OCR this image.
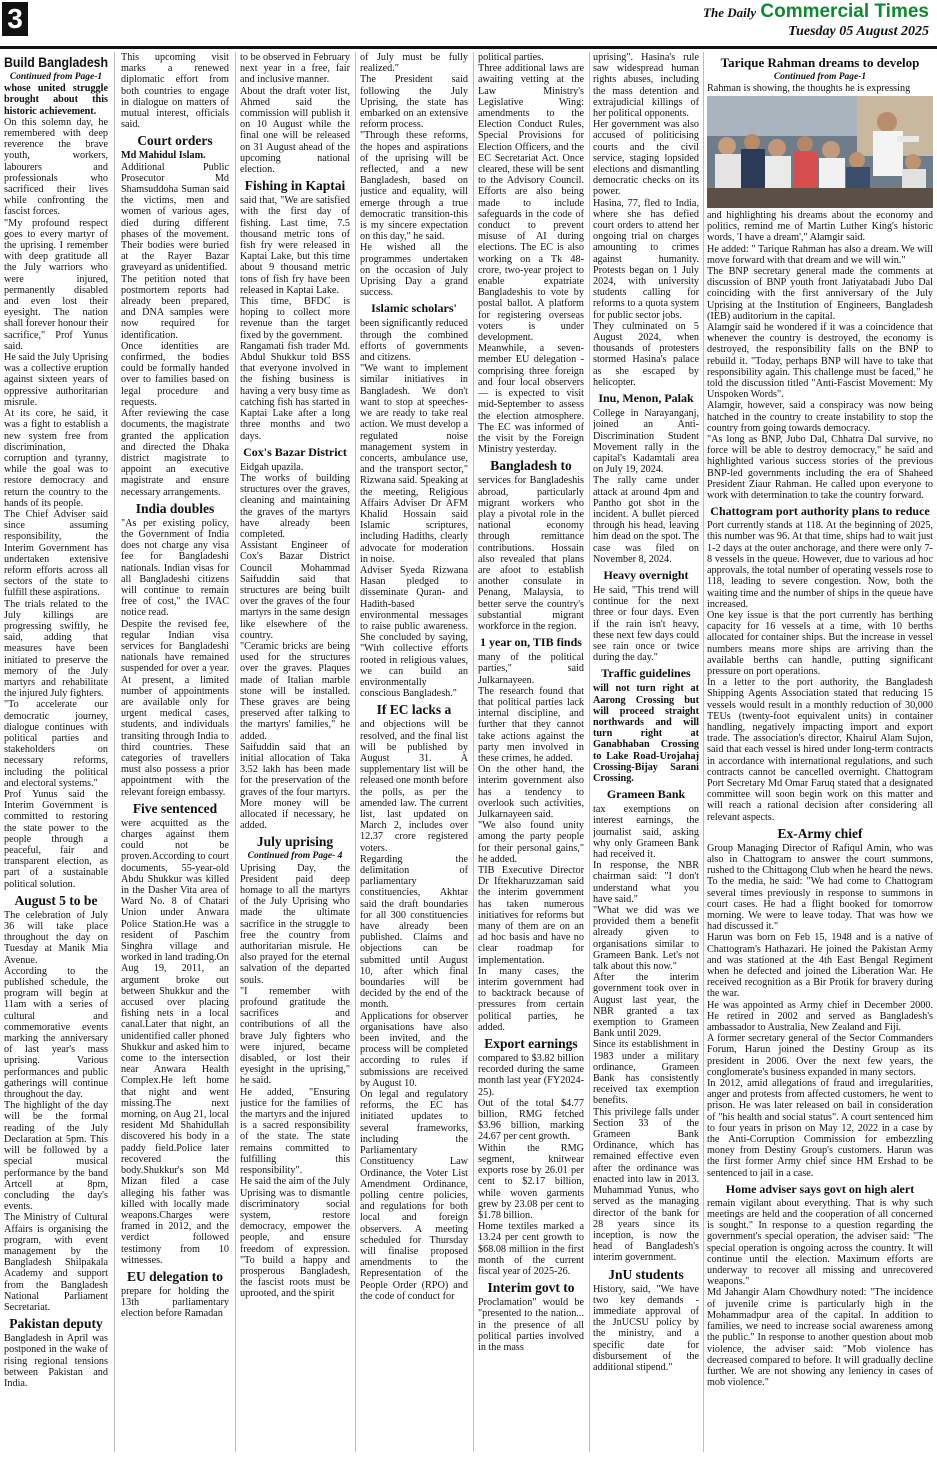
3	The Daily Commercial Times
Tuesday 05 August 2025
Build Bangladesh

Continued from Page-1

whose united struggle brought about this historic achievement.

On this solemn day, he remembered with deep reverence the brave youth, workers, labourers and professionals who sacrificed their lives while confronting the fascist forces.

"My profound respect goes to every martyr of the uprising. I remember with deep gratitude all the July warriors who were injured, permanently disabled and even lost their eyesight. The nation shall forever honour their sacrifice," Prof Yunus said.

He said the July Uprising was a collective eruption against sixteen years of oppressive authoritarian misrule.

At its core, he said, it was a fight to establish a new system free from discrimination, corruption and tyranny, while the goal was to restore democracy and return the country to the hands of its people.

The Chief Adviser said since assuming responsibility, the Interim Government has undertaken extensive reform efforts across all sectors of the state to fulfill these aspirations.

The trials related to the July killings are progressing swiftly, he said, adding that measures have been initiated to preserve the memory of the July martyrs and rehabilitate the injured July fighters.

"To accelerate our democratic journey, dialogue continues with political parties and stakeholders on necessary reforms, including the political and electoral systems."

Prof Yunus said the Interim Government is committed to restoring the state power to the people through a peaceful, fair and transparent election, as part of a sustainable political solution.

August 5 to be

The celebration of July 36 will take place throughout the day on Tuesday at Manik Mia Avenue.

According to the published schedule, the program will begin at 11am with a series of cultural and commemorative events marking the anniversary of last year's mass uprising. Various performances and public gatherings will continue throughout the day.

The highlight of the day will be the formal reading of the July Declaration at 5pm. This will be followed by a special musical performance by the band Artcell at 8pm, concluding the day's events.

The Ministry of Cultural Affairs is organising the program, with event management by the Bangladesh Shilpakala Academy and support from the Bangladesh National Parliament Secretariat.

Pakistan deputy

Bangladesh in April was postponed in the wake of rising regional tensions between Pakistan and India.

This upcoming visit marks a renewed diplomatic effort from both countries to engage in dialogue on matters of mutual interest, officials said.

Court orders

Md Mahidul Islam.

Additional Public Prosecutor Md Shamsuddoha Suman said the victims, men and women of various ages, died during different phases of the movement. Their bodies were buried at the Rayer Bazar graveyard as unidentified.

The petition noted that postmortem reports had already been prepared, and DNA samples were now required for identification.

Once identities are confirmed, the bodies could be formally handed over to families based on legal procedure and requests.

After reviewing the case documents, the magistrate granted the application and directed the Dhaka district magistrate to appoint an executive magistrate and ensure necessary arrangements.

India doubles

"As per existing policy, the Government of India does not charge any visa fee for Bangladeshi nationals. Indian visas for all Bangladeshi citizens will continue to remain free of cost," the IVAC notice read.

Despite the revised fee, regular Indian visa services for Bangladeshi nationals have remained suspended for over a year. At present, a limited number of appointments are available only for urgent medical cases, students, and individuals transiting through India to third countries. These categories of travellers must also possess a prior appointment with the relevant foreign embassy.

Five sentenced

were acquitted as the charges against them could not be proven.According to court documents, 55-year-old Abdu Shukkur was killed in the Dasher Vita area of Ward No. 8 of Chatari Union under Anwara Police Station.He was a resident of Paschim Singhra village and worked in land trading.On Aug 19, 2011, an argument broke out between Shukkur and the accused over placing fishing nets in a local canal.Later that night, an unidentified caller phoned Shukkur and asked him to come to the intersection near Anwara Health Complex.He left home that night and went missing.The next morning, on Aug 21, local resident Md Shahidullah discovered his body in a paddy field.Police later recovered the body.Shukkur's son Md Mizan filed a case alleging his father was killed with locally made weapons.Charges were framed in 2012, and the verdict followed testimony from 10 witnesses.

EU delegation to

prepare for holding the 13th parliamentary election before Ramadan

to be observed in February next year in a free, fair and inclusive manner.

About the draft voter list, Ahmed said the commission will publish it on 10 August while the final one will be released on 31 August ahead of the upcoming national election.

Fishing in Kaptai

said that, "We are satisfied with the first day of fishing. Last time, 7.5 thousand metric tons of fish fry were released in Kaptai Lake, but this time about 9 thousand metric tons of fish fry have been released in Kaptai Lake.

This time, BFDC is hoping to collect more revenue than the target fixed by the government.

Rangamati fish trader Md. Abdul Shukkur told BSS that everyone involved in the fishing business is having a very busy time as catching fish has started in Kaptai Lake after a long three months and two days.

Cox's Bazar District

Eidgah upazila.

The works of building structures over the graves, cleaning and maintaining the graves of the martyrs have already been completed.

Assistant Engineer of Cox's Bazar District Council Mohammad Saifuddin said that structures are being built over the graves of the four martyrs in the same design like elsewhere of the country.

"Ceramic bricks are being used for the structures over the graves. Plaques made of Italian marble stone will be installed. These graves are being preserved after talking to the martyrs' families," he added.

Saifuddin said that an initial allocation of Taka 3.52 lakh has been made for the preservation of the graves of the four martyrs. More money will be allocated if necessary, he added.

July uprising

Continued from Page- 4

Uprising Day, the President paid deep homage to all the martyrs of the July Uprising who made the ultimate sacrifice in the struggle to free the country from authoritarian misrule. He also prayed for the eternal salvation of the departed souls.

"I remember with profound gratitude the sacrifices and contributions of all the brave July fighters who were injured, became disabled, or lost their eyesight in the uprising," he said.

He added, "Ensuring justice for the families of the martyrs and the injured is a sacred responsibility of the state. The state remains committed to fulfilling this responsibility".

He said the aim of the July Uprising was to dismantle discriminatory social system, restore democracy, empower the people, and ensure freedom of expression. "To build a happy and prosperous Bangladesh, the fascist roots must be uprooted, and the spirit

of July must be fully realized."

The President said following the July Uprising, the state has embarked on an extensive reform process.

"Through these reforms, the hopes and aspirations of the uprising will be reflected, and a new Bangladesh, based on justice and equality, will emerge through a true democratic transition-this is my sincere expectation on this day," he said.

He wished all the programmes undertaken on the occasion of July Uprising Day a grand success.

Islamic scholars'

been significantly reduced through the combined efforts of governments and citizens.

"We want to implement similar initiatives in Bangladesh. We don't want to stop at speeches-we are ready to take real action. We must develop a regulated noise management system in concerts, ambulance use, and the transport sector," Rizwana said. Speaking at the meeting, Religious Affairs Adviser Dr AFM Khalid Hossain said Islamic scriptures, including Hadiths, clearly advocate for moderation in noise.

Adviser Syeda Rizwana Hasan pledged to disseminate Quran- and Hadith-based environmental messages to raise public awareness. She concluded by saying, "With collective efforts rooted in religious values, we can build an environmentally conscious Bangladesh."

If EC lacks a

and objections will be resolved, and the final list will be published by August 31. A supplementary list will be released one month before the polls, as per the amended law. The current list, last updated on March 2, includes over 12.37 crore registered voters.

Regarding the delimitation of parliamentary constituencies, Akhtar said the draft boundaries for all 300 constituencies have already been published. Claims and objections can be submitted until August 10, after which final boundaries will be decided by the end of the month.

Applications for observer organisations have also been invited, and the process will be completed according to rules if submissions are received by August 10.

On legal and regulatory reforms, the EC has initiated updates to several frameworks, including the Parliamentary Constituency Law Ordinance, the Voter List Amendment Ordinance, polling centre policies, and regulations for both local and foreign observers. A meeting scheduled for Thursday will finalise proposed amendments to the Representation of the People Order (RPO) and the code of conduct for

political parties.

Three additional laws are awaiting vetting at the Law Ministry's Legislative Wing: amendments to the Election Conduct Rules, Special Provisions for Election Officers, and the EC Secretariat Act. Once cleared, these will be sent to the Advisory Council. Efforts are also being made to include safeguards in the code of conduct to prevent misuse of AI during elections. The EC is also working on a Tk 48-crore, two-year project to enable expatriate Bangladeshis to vote by postal ballot. A platform for registering overseas voters is under development.

Meanwhile, a seven-member EU delegation - comprising three foreign and four local observers — is expected to visit mid-September to assess the election atmosphere. The EC was informed of the visit by the Foreign Ministry yesterday.

Bangladesh to

services for Bangladeshis abroad, particularly migrant workers who play a pivotal role in the national economy through remittance contributions. Hossain also revealed that plans are afoot to establish another consulate in Penang, Malaysia, to better serve the country's substantial migrant workforce in the region.

1 year on, TIB finds

many of the political parties," said Julkarnayeen.

The research found that that political parties lack internal discipline, and further that they cannot take actions against the party men involved in these crimes, he added.

On the other hand, the interim government also has a tendency to overlook such activities, Julkarnayeen said.

"We also found unity among the party people for their personal gains," he added.

TIB Executive Director Dr Iftekharuzzaman said the interim government has taken numerous initiatives for reforms but many of them are on an ad hoc basis and have no clear roadmap for implementation.

In many cases, the interim government had to backtrack because of pressures from certain political parties, he added.

Export earnings

compared to $3.82 billion recorded during the same month last year (FY2024-25).

Out of the total $4.77 billion, RMG fetched $3.96 billion, marking 24.67 per cent growth.

Within the RMG segment, knitwear exports rose by 26.01 per cent to $2.17 billion, while woven garments grew by 23.08 per cent to $1.78 billion.

Home textiles marked a 13.24 per cent growth to $68.08 million in the first month of the current fiscal year of 2025-26.

Interim govt to

Proclamation" would be "presented to the nation... in the presence of all political parties involved in the mass

uprising". Hasina's rule saw widespread human rights abuses, including the mass detention and extrajudicial killings of her political opponents.

Her government was also accused of politicising courts and the civil service, staging lopsided elections and dismantling democratic checks on its power.

Hasina, 77, fled to India, where she has defied court orders to attend her ongoing trial on charges amounting to crimes against humanity. Protests began on 1 July 2024, with university students calling for reforms to a quota system for public sector jobs.

They culminated on 5 August 2024, when thousands of protesters stormed Hasina's palace as she escaped by helicopter.

Inu, Menon, Palak

College in Narayanganj, joined an Anti-Discrimination Student Movement rally in the capital's Kadamtali area on July 19, 2024.

The rally came under attack at around 4pm and Pantho got shot in the incident. A bullet pierced through his head, leaving him dead on the spot. The case was filed on November 8, 2024.

Heavy overnight

He said, "This trend will continue for the next three or four days. Even if the rain isn't heavy, these next few days could see rain once or twice during the day."

Traffic guidelines

will not turn right at Aarong Crossing but will proceed straight northwards and will turn right at Ganabhaban Crossing to Lake Road-Urojahaj Crossing-Bijay Sarani Crossing.

Grameen Bank

tax exemptions on interest earnings, the journalist said, asking why only Grameen Bank had received it.

In response, the NBR chairman said: "I don't understand what you have said."

"What we did was we provided them a benefit already given to organisations similar to Grameen Bank. Let's not talk about this now."

After the interim government took over in August last year, the NBR granted a tax exemption to Grameen Bank until 2029.

Since its establishment in 1983 under a military ordinance, Grameen Bank has consistently received tax exemption benefits.

This privilege falls under Section 33 of the Grameen Bank Ordinance, which has remained effective even after the ordinance was enacted into law in 2013. Muhammad Yunus, who served as the managing director of the bank for 28 years since its inception, is now the head of Bangladesh's interim government.

JnU students

History, said, "We have two key demands - immediate approval of the JnUCSU policy by the ministry, and a specific date for disbursement of the additional stipend."

Tarique Rahman dreams to develop

Continued from Page-1

Rahman is showing, the thoughts he is expressing

and highlighting his dreams about the economy and politics, remind me of Martin Luther King's historic words, 'I have a dream'," Alamgir said.

He added: " Tarique Rahman has also a dream. We will move forward with that dream and we will win."

The BNP secretary general made the comments at discussion of BNP youth front Jatiyatabadi Jubo Dal coinciding with the first anniversary of the July Uprising at the Institution of Engineers, Bangladesh (IEB) auditorium in the capital.

Alamgir said he wondered if it was a coincidence that whenever the country is destroyed, the economy is destroyed, the responsibility falls on the BNP to rebuild it. "Today, perhaps BNP will have to take that responsibility again. This challenge must be faced," he told the discussion titled "Anti-Fascist Movement: My Unspoken Words".

Alamgir, however, said a conspiracy was now being hatched in the country to create instability to stop the country from going towards democracy.

"As long as BNP, Jubo Dal, Chhatra Dal survive, no force will be able to destroy democracy," he said and highlighted various success stories of the previous BNP-led governments including the era of Shaheed President Ziaur Rahman. He called upon everyone to work with determination to take the country forward.

Chattogram port authority plans to reduce

Port currently stands at 118. At the beginning of 2025, this number was 96. At that time, ships had to wait just 1-2 days at the outer anchorage, and there were only 7-8 vessels in the queue. However, due to various ad hoc approvals, the total number of operating vessels rose to 118, leading to severe congestion. Now, both the waiting time and the number of ships in the queue have increased.

One key issue is that the port currently has berthing capacity for 16 vessels at a time, with 10 berths allocated for container ships. But the increase in vessel numbers means more ships are arriving than the available berths can handle, putting significant pressure on port operations.

In a letter to the port authority, the Bangladesh Shipping Agents Association stated that reducing 15 vessels would result in a monthly reduction of 30,000 TEUs (twenty-foot equivalent units) in container handling, negatively impacting import and export trade. The association's director, Khairul Alam Sujon, said that each vessel is hired under long-term contracts in accordance with international regulations, and such contracts cannot be cancelled overnight. Chattogram Port Secretary Md Omar Faruq stated that a designated committee will soon begin work on this matter and will reach a rational decision after considering all relevant aspects.

Ex-Army chief

Group Managing Director of Rafiqul Amin, who was also in Chattogram to answer the court summons, rushed to the Chittagong Club when he heard the news. To the media, he said: "We had come to Chattogram several times previously in response to summons in court cases. He had a flight booked for tomorrow morning. We were to leave today. That was how we had discussed it."

Harun was born on Feb 15, 1948 and is a native of Chattogram's Hathazari. He joined the Pakistan Army and was stationed at the 4th East Bengal Regiment when he defected and joined the Liberation War. He received recognition as a Bir Protik for bravery during the war.

He was appointed as Army chief in December 2000. He retired in 2002 and served as Bangladesh's ambassador to Australia, New Zealand and Fiji.

A former secretary general of the Sector Commanders Forum, Harun joined the Destiny Group as its president in 2006. Over the next few years, the conglomerate's business expanded in many sectors.

In 2012, amid allegations of fraud and irregularities, anger and protests from affected customers, he went to prison. He was later released on bail in consideration of "his health and social status". A court sentenced him to four years in prison on May 12, 2022 in a case by the Anti-Corruption Commission for embezzling money from Destiny Group's customers. Harun was the first former Army chief since HM Ershad to be sentenced to jail in a case.

Home adviser says govt on high alert

remain vigilant about everything. That is why such meetings are held and the cooperation of all concerned is sought." In response to a question regarding the government's special operation, the adviser said: "The special operation is ongoing across the country. It will continue until the election. Maximum efforts are underway to recover all missing and unrecovered weapons."

Md Jahangir Alam Chowdhury noted: "The incidence of juvenile crime is particularly high in the Mohammadpur area of the capital. In addition to families, we need to increase social awareness among the public." In response to another question about mob violence, the adviser said: "Mob violence has decreased compared to before. It will gradually decline further. We are not showing any leniency in cases of mob violence."
